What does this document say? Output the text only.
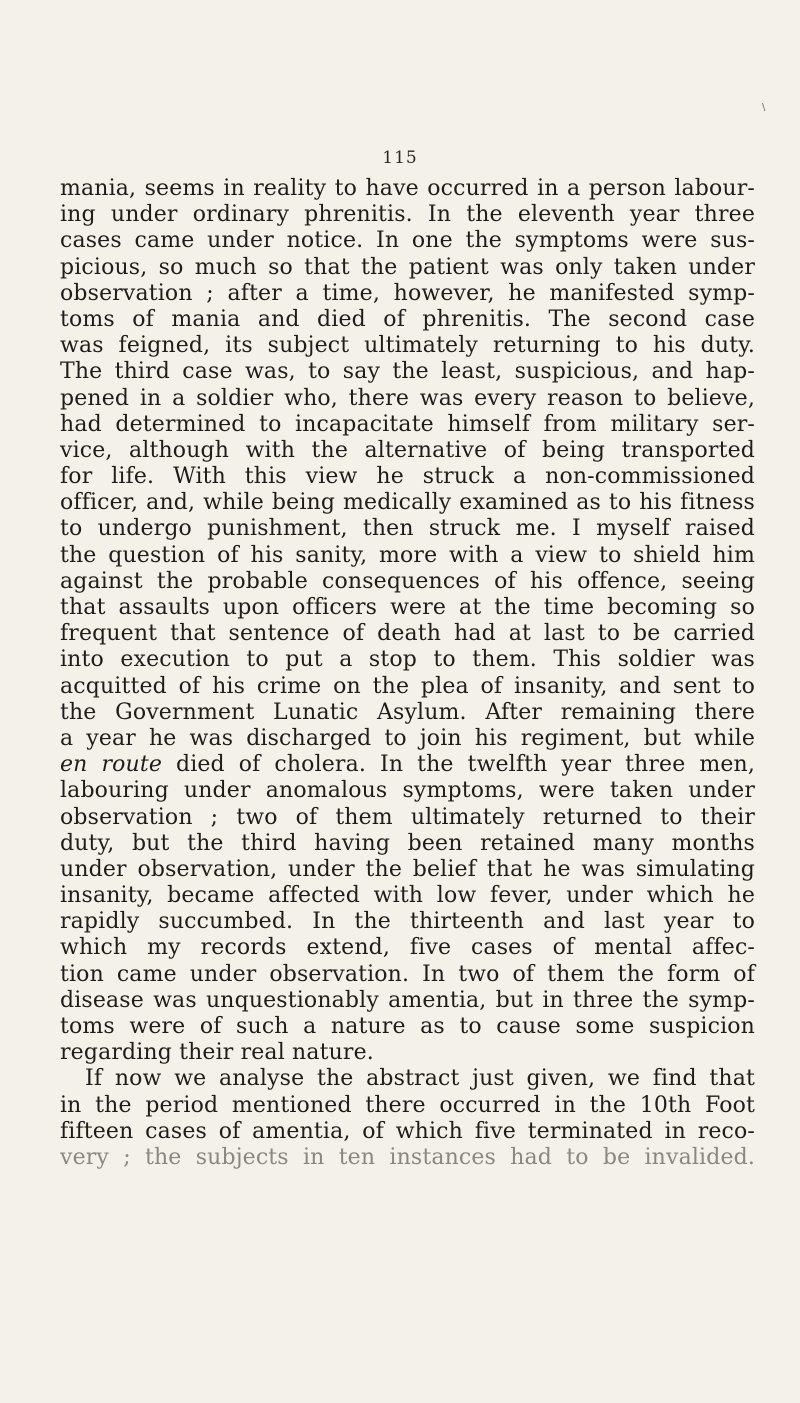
\
115
mania, seems in reality to have occurred in a person labour-
ing under ordinary phrenitis. In the eleventh year three
cases came under notice. In one the symptoms were sus-
picious, so much so that the patient was only taken under
observation ; after a time, however, he manifested symp-
toms of mania and died of phrenitis. The second case
was feigned, its subject ultimately returning to his duty.
The third case was, to say the least, suspicious, and hap-
pened in a soldier who, there was every reason to believe,
had determined to incapacitate himself from military ser-
vice, although with the alternative of being transported
for life. With this view he struck a non-commissioned
officer, and, while being medically examined as to his fitness
to undergo punishment, then struck me. I myself raised
the question of his sanity, more with a view to shield him
against the probable consequences of his offence, seeing
that assaults upon officers were at the time becoming so
frequent that sentence of death had at last to be carried
into execution to put a stop to them. This soldier was
acquitted of his crime on the plea of insanity, and sent to
the Government Lunatic Asylum. After remaining there
a year he was discharged to join his regiment, but while
en route died of cholera. In the twelfth year three men,
labouring under anomalous symptoms, were taken under
observation ; two of them ultimately returned to their
duty, but the third having been retained many months
under observation, under the belief that he was simulating
insanity, became affected with low fever, under which he
rapidly succumbed. In the thirteenth and last year to
which my records extend, five cases of mental affec-
tion came under observation. In two of them the form of
disease was unquestionably amentia, but in three the symp-
toms were of such a nature as to cause some suspicion
regarding their real nature.
If now we analyse the abstract just given, we find that
in the period mentioned there occurred in the 10th Foot
fifteen cases of amentia, of which five terminated in reco-
very ; the subjects in ten instances had to be invalided.
